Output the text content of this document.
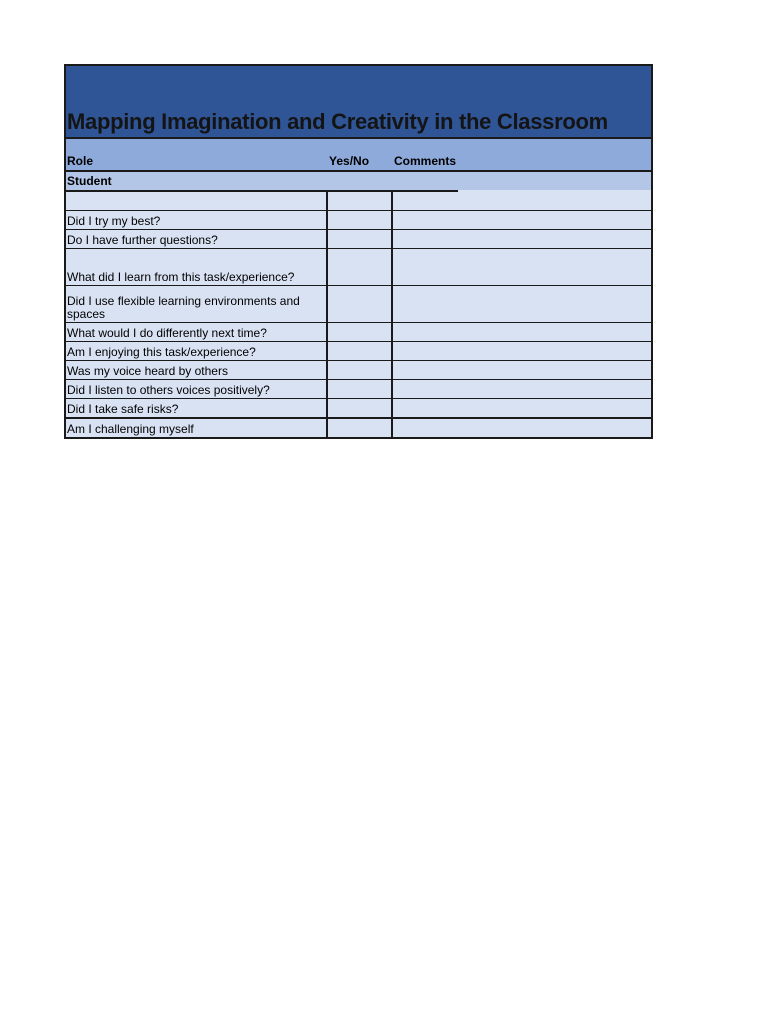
Mapping Imagination and Creativity in the Classroom
Role	Yes/No Comments
Student
Did I try my best?
Do I have further questions?
What did I learn from this task/experience?
Did I use flexible learning environments and spaces
What would I do differently next time?
Am I enjoying this task/experience?
Was my voice heard by others
Did I listen to others voices positively?
Did I take safe risks?
Am I challenging myself
